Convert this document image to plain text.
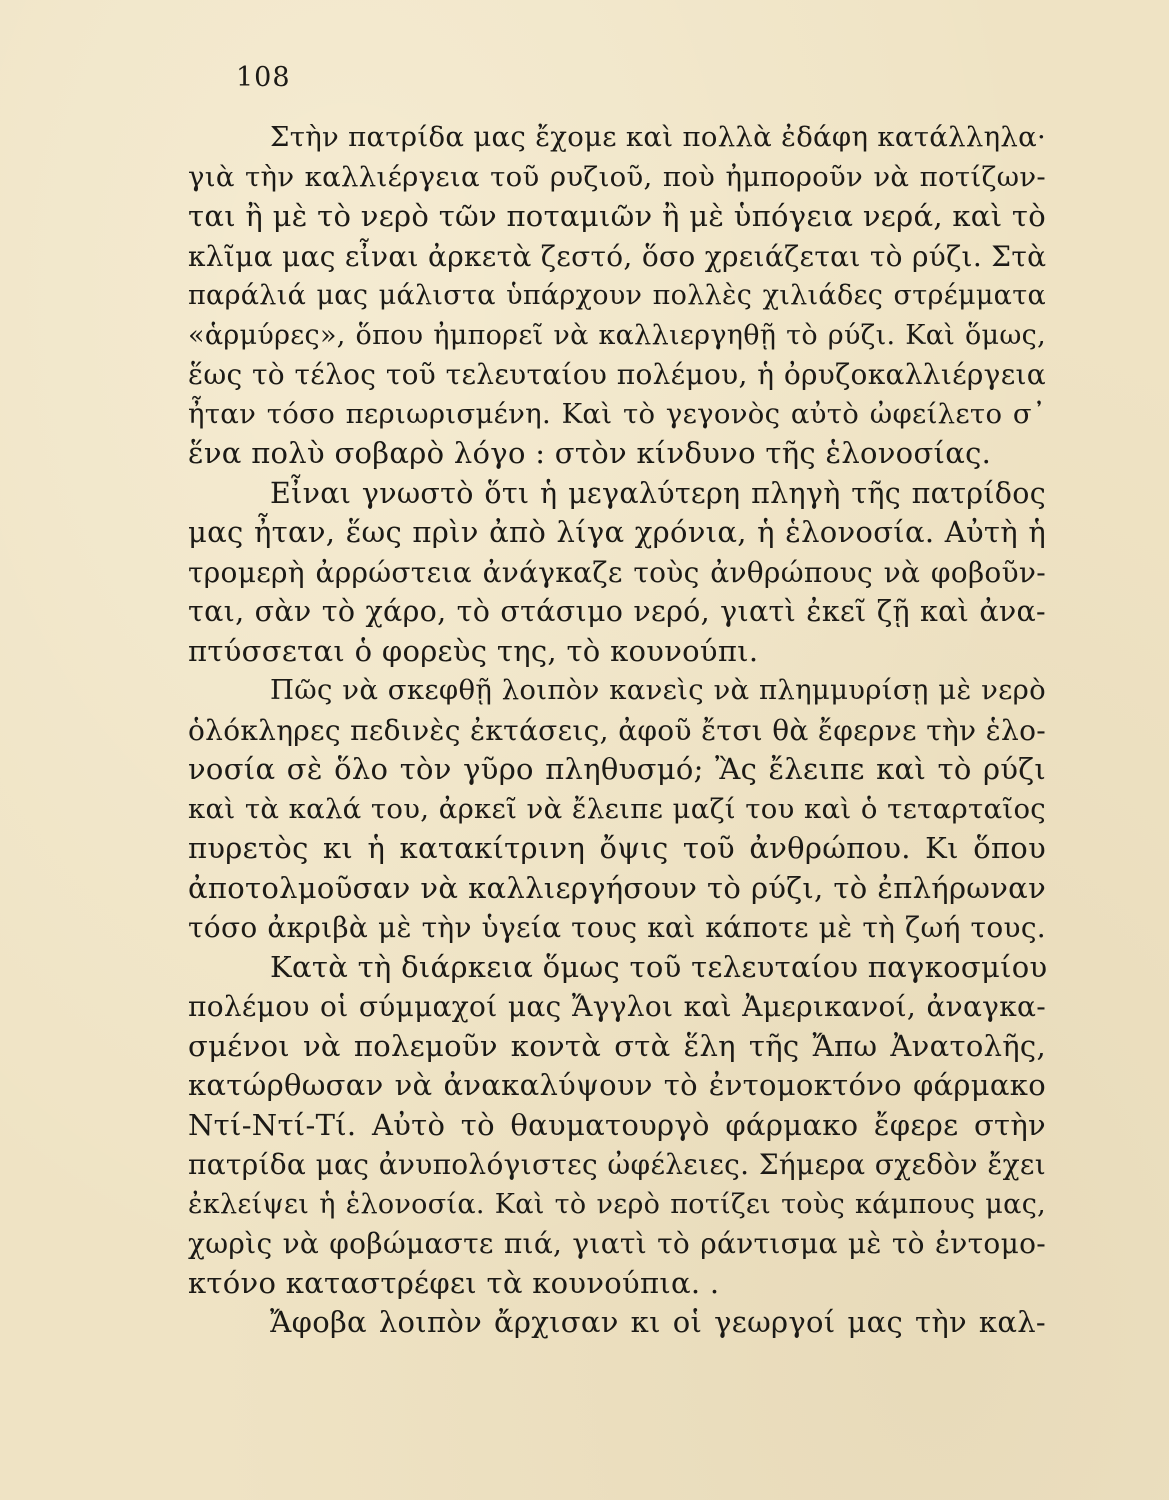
108
Στὴν πατρίδα μας ἔχομε καὶ πολλὰ ἐδάφη κατάλληλα·
γιὰ τὴν καλλιέργεια τοῦ ρυζιοῦ, ποὺ ἠμποροῦν νὰ ποτίζων-
ται ἢ μὲ τὸ νερὸ τῶν ποταμιῶν ἢ μὲ ὑπόγεια νερά, καὶ τὸ
κλῖμα μας εἶναι ἀρκετὰ ζεστό, ὅσο χρειάζεται τὸ ρύζι. Στὰ
παράλιά μας μάλιστα ὑπάρχουν πολλὲς χιλιάδες στρέμματα
«ἁρμύρες», ὅπου ἠμπορεῖ νὰ καλλιεργηθῇ τὸ ρύζι. Καὶ ὅμως,
ἕως τὸ τέλος τοῦ τελευταίου πολέμου, ἡ ὀρυζοκαλλιέργεια
ἦταν τόσο περιωρισμένη. Καὶ τὸ γεγονὸς αὐτὸ ὠφείλετο σ᾿
ἕνα πολὺ σοβαρὸ λόγο : στὸν κίνδυνο τῆς ἑλονοσίας.
Εἶναι γνωστὸ ὅτι ἡ μεγαλύτερη πληγὴ τῆς πατρίδος
μας ἦταν, ἕως πρὶν ἀπὸ λίγα χρόνια, ἡ ἑλονοσία. Αὐτὴ ἡ
τρομερὴ ἀρρώστεια ἀνάγκαζε τοὺς ἀνθρώπους νὰ φοβοῦν-
ται, σὰν τὸ χάρο, τὸ στάσιμο νερό, γιατὶ ἐκεῖ ζῇ καὶ ἀνα-
πτύσσεται ὁ φορεὺς της, τὸ κουνούπι.
Πῶς νὰ σκεφθῇ λοιπὸν κανεὶς νὰ πλημμυρίσῃ μὲ νερὸ
ὁλόκληρες πεδινὲς ἐκτάσεις, ἀφοῦ ἔτσι θὰ ἔφερνε τὴν ἑλο-
νοσία σὲ ὅλο τὸν γῦρο πληθυσμό; Ἂς ἔλειπε καὶ τὸ ρύζι
καὶ τὰ καλά του, ἀρκεῖ νὰ ἔλειπε μαζί του καὶ ὁ τεταρταῖος
πυρετὸς κι ἡ κατακίτρινη ὄψις τοῦ ἀνθρώπου. Κι ὅπου
ἀποτολμοῦσαν νὰ καλλιεργήσουν τὸ ρύζι, τὸ ἐπλήρωναν
τόσο ἀκριβὰ μὲ τὴν ὑγεία τους καὶ κάποτε μὲ τὴ ζωή τους.
Κατὰ τὴ διάρκεια ὅμως τοῦ τελευταίου παγκοσμίου
πολέμου οἱ σύμμαχοί μας Ἄγγλοι καὶ Ἀμερικανοί, ἀναγκα-
σμένοι νὰ πολεμοῦν κοντὰ στὰ ἕλη τῆς Ἄπω Ἀνατολῆς,
κατώρθωσαν νὰ ἀνακαλύψουν τὸ ἐντομοκτόνο φάρμακο
Ντί-Ντί-Τί. Αὐτὸ τὸ θαυματουργὸ φάρμακο ἔφερε στὴν
πατρίδα μας ἀνυπολόγιστες ὠφέλειες. Σήμερα σχεδὸν ἔχει
ἐκλείψει ἡ ἑλονοσία. Καὶ τὸ νερὸ ποτίζει τοὺς κάμπους μας,
χωρὶς νὰ φοβώμαστε πιά, γιατὶ τὸ ράντισμα μὲ τὸ ἐντομο-
κτόνο καταστρέφει τὰ κουνούπια. .
Ἄφοβα λοιπὸν ἄρχισαν κι οἱ γεωργοί μας τὴν καλ-
